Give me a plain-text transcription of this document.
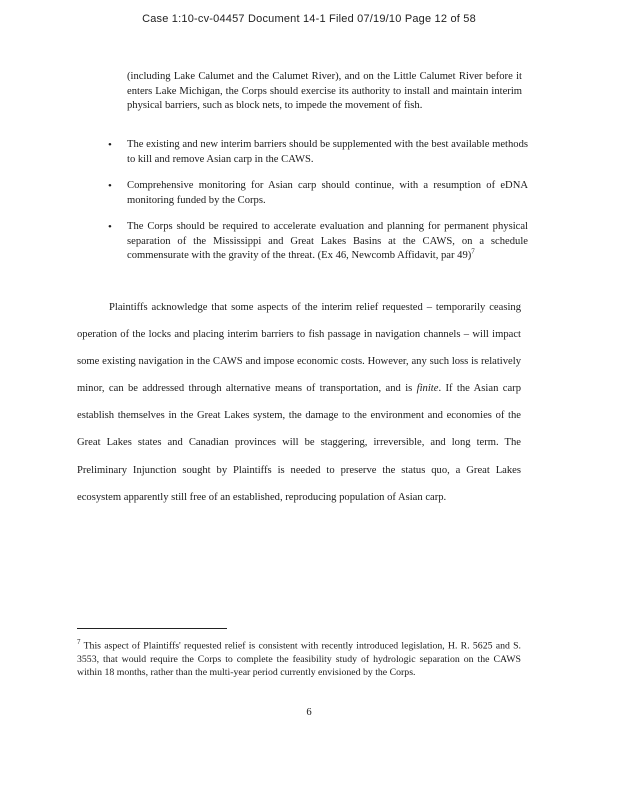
Case 1:10-cv-04457 Document 14-1 Filed 07/19/10 Page 12 of 58
(including Lake Calumet and the Calumet River), and on the Little Calumet River before it enters Lake Michigan, the Corps should exercise its authority to install and maintain interim physical barriers, such as block nets, to impede the movement of fish.
• The existing and new interim barriers should be supplemented with the best available methods to kill and remove Asian carp in the CAWS.
• Comprehensive monitoring for Asian carp should continue, with a resumption of eDNA monitoring funded by the Corps.
• The Corps should be required to accelerate evaluation and planning for permanent physical separation of the Mississippi and Great Lakes Basins at the CAWS, on a schedule commensurate with the gravity of the threat. (Ex 46, Newcomb Affidavit, par 49)$^7$
Plaintiffs acknowledge that some aspects of the interim relief requested – temporarily ceasing operation of the locks and placing interim barriers to fish passage in navigation channels – will impact some existing navigation in the CAWS and impose economic costs. However, any such loss is relatively minor, can be addressed through alternative means of transportation, and is finite. If the Asian carp establish themselves in the Great Lakes system, the damage to the environment and economies of the Great Lakes states and Canadian provinces will be staggering, irreversible, and long term. The Preliminary Injunction sought by Plaintiffs is needed to preserve the status quo, a Great Lakes ecosystem apparently still free of an established, reproducing population of Asian carp.
$^7$ This aspect of Plaintiffs' requested relief is consistent with recently introduced legislation, H. R. 5625 and S. 3553, that would require the Corps to complete the feasibility study of hydrologic separation on the CAWS within 18 months, rather than the multi-year period currently envisioned by the Corps.
6
